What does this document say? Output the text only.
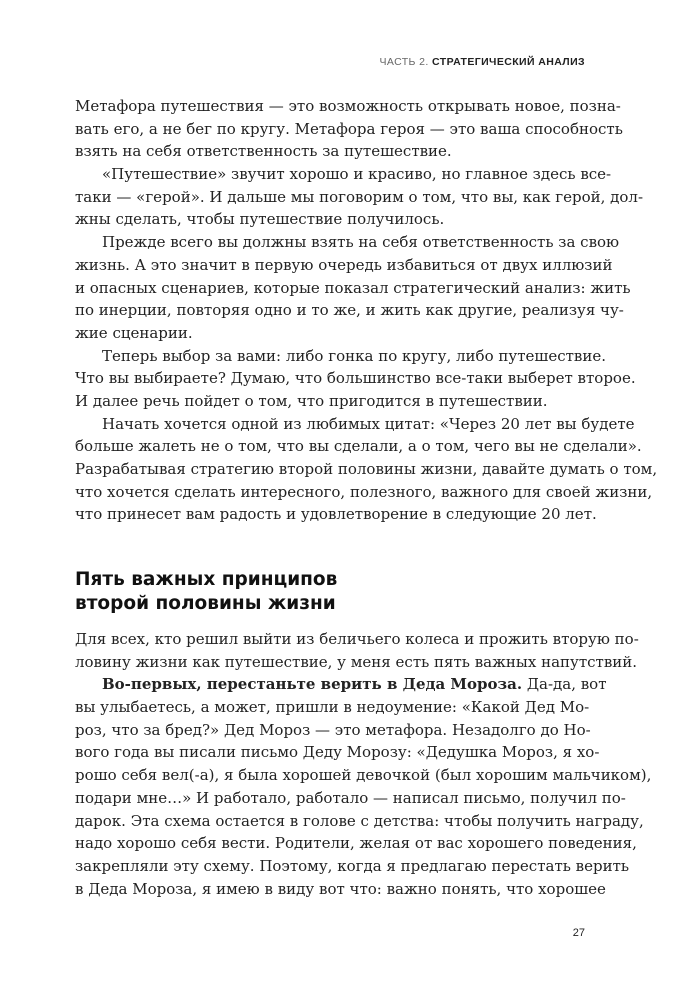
ЧАСТЬ 2. СТРАТЕГИЧЕСКИЙ АНАЛИЗ
Метафора путешествия — это возможность открывать новое, позна-
вать его, а не бег по кругу. Метафора героя — это ваша способность
взять на себя ответственность за путешествие.
«Путешествие» звучит хорошо и красиво, но главное здесь все-
таки — «герой». И дальше мы поговорим о том, что вы, как герой, дол-
жны сделать, чтобы путешествие получилось.
Прежде всего вы должны взять на себя ответственность за свою
жизнь. А это значит в первую очередь избавиться от двух иллюзий
и опасных сценариев, которые показал стратегический анализ: жить
по инерции, повторяя одно и то же, и жить как другие, реализуя чу-
жие сценарии.
Теперь выбор за вами: либо гонка по кругу, либо путешествие.
Что вы выбираете? Думаю, что большинство все-таки выберет второе.
И далее речь пойдет о том, что пригодится в путешествии.
Начать хочется одной из любимых цитат: «Через 20 лет вы будете
больше жалеть не о том, что вы сделали, а о том, чего вы не сделали».
Разрабатывая стратегию второй половины жизни, давайте думать о том,
что хочется сделать интересного, полезного, важного для своей жизни,
что принесет вам радость и удовлетворение в следующие 20 лет.
Пять важных принципов
второй половины жизни
Для всех, кто решил выйти из беличьего колеса и прожить вторую по-
ловину жизни как путешествие, у меня есть пять важных напутствий.
Во-первых, перестаньте верить в Деда Мороза. Да-да, вот
вы улыбаетесь, а может, пришли в недоумение: «Какой Дед Мо-
роз, что за бред?» Дед Мороз — это метафора. Незадолго до Но-
вого года вы писали письмо Деду Морозу: «Дедушка Мороз, я хо-
рошо себя вел(-а), я была хорошей девочкой (был хорошим мальчиком),
подари мне…» И работало, работало — написал письмо, получил по-
дарок. Эта схема остается в голове с детства: чтобы получить награду,
надо хорошо себя вести. Родители, желая от вас хорошего поведения,
закрепляли эту схему. Поэтому, когда я предлагаю перестать верить
в Деда Мороза, я имею в виду вот что: важно понять, что хорошее
27
